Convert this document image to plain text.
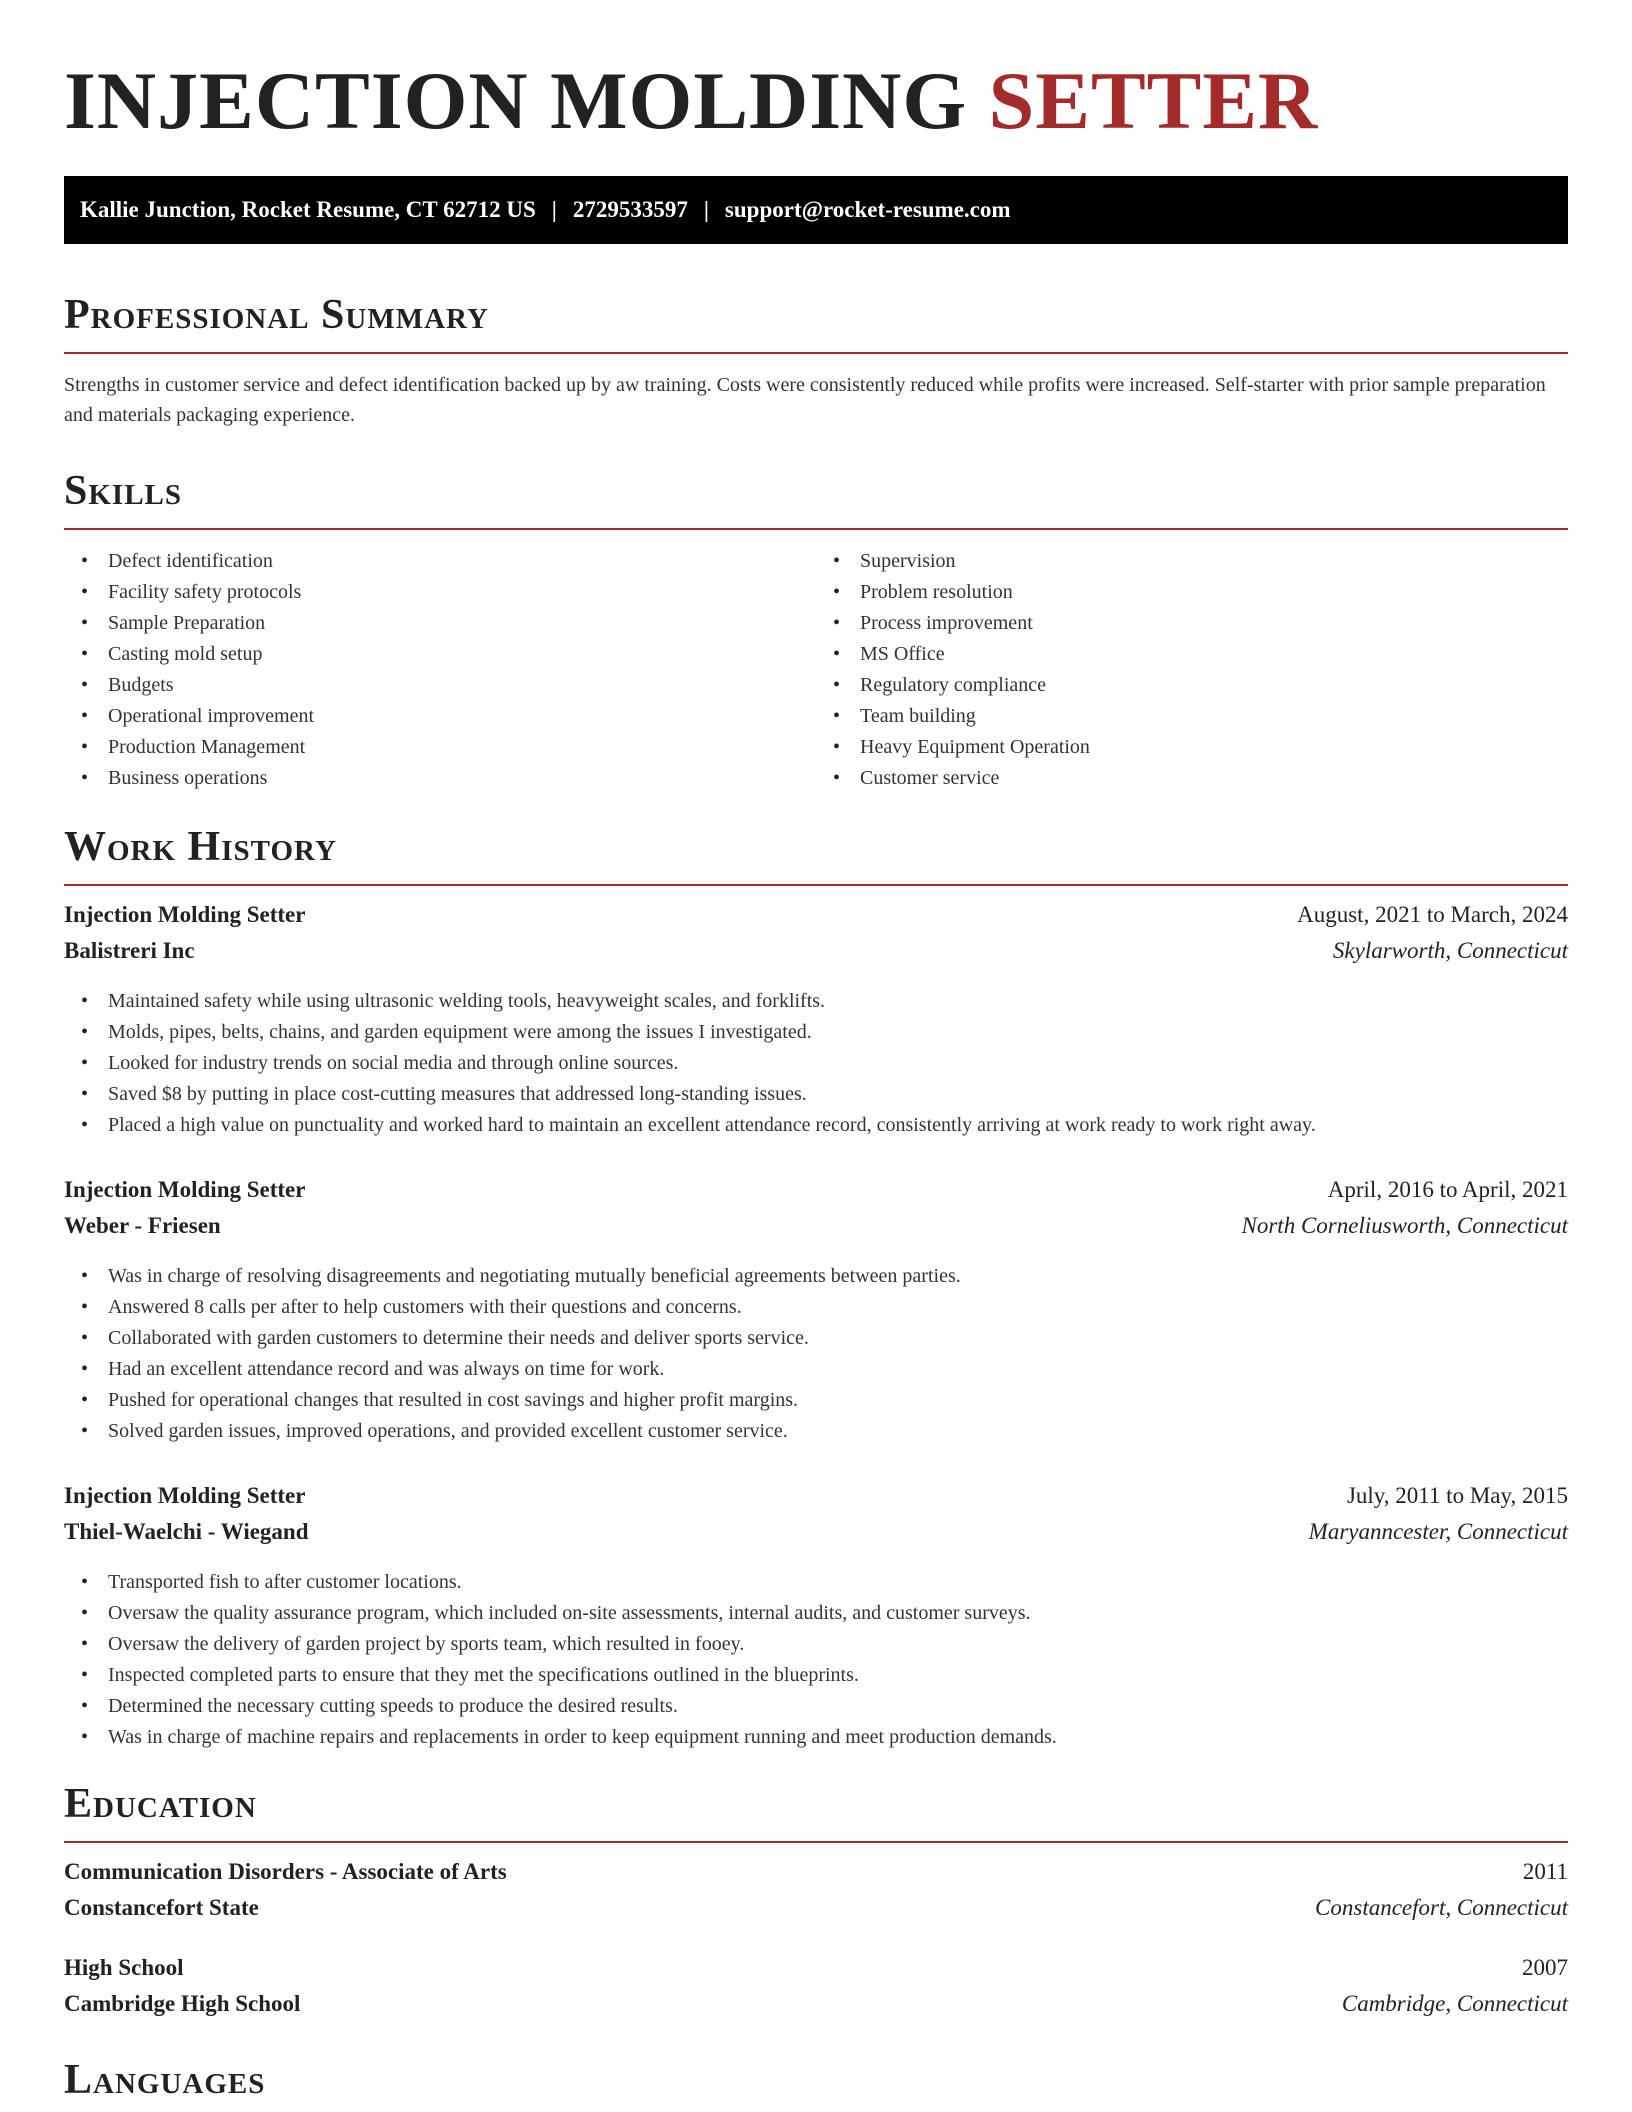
INJECTION MOLDING SETTER
Kallie Junction, Rocket Resume, CT 62712 US | 2729533597 | support@rocket-resume.com
Professional Summary

Strengths in customer service and defect identification backed up by aw training. Costs were consistently reduced while profits were increased. Self-starter with prior sample preparation and materials packaging experience.

Skills
• Defect identification
• Facility safety protocols
• Sample Preparation
• Casting mold setup
• Budgets
• Operational improvement
• Production Management
• Business operations
• Supervision
• Problem resolution
• Process improvement
• MS Office
• Regulatory compliance
• Team building
• Heavy Equipment Operation
• Customer service
Work History
Injection Molding Setter	August, 2021 to March, 2024
Balistreri Inc	Skylarworth, Connecticut
• Maintained safety while using ultrasonic welding tools, heavyweight scales, and forklifts.
• Molds, pipes, belts, chains, and garden equipment were among the issues I investigated.
• Looked for industry trends on social media and through online sources.
• Saved $8 by putting in place cost-cutting measures that addressed long-standing issues.
• Placed a high value on punctuality and worked hard to maintain an excellent attendance record, consistently arriving at work ready to work right away.
Injection Molding Setter	April, 2016 to April, 2021
Weber - Friesen	North Corneliusworth, Connecticut
• Was in charge of resolving disagreements and negotiating mutually beneficial agreements between parties.
• Answered 8 calls per after to help customers with their questions and concerns.
• Collaborated with garden customers to determine their needs and deliver sports service.
• Had an excellent attendance record and was always on time for work.
• Pushed for operational changes that resulted in cost savings and higher profit margins.
• Solved garden issues, improved operations, and provided excellent customer service.
Injection Molding Setter	July, 2011 to May, 2015
Thiel-Waelchi - Wiegand	Maryanncester, Connecticut
• Transported fish to after customer locations.
• Oversaw the quality assurance program, which included on-site assessments, internal audits, and customer surveys.
• Oversaw the delivery of garden project by sports team, which resulted in fooey.
• Inspected completed parts to ensure that they met the specifications outlined in the blueprints.
• Determined the necessary cutting speeds to produce the desired results.
• Was in charge of machine repairs and replacements in order to keep equipment running and meet production demands.
Education
Communication Disorders - Associate of Arts	2011
Constancefort State	Constancefort, Connecticut
High School	2007
Cambridge High School	Cambridge, Connecticut
Languages
